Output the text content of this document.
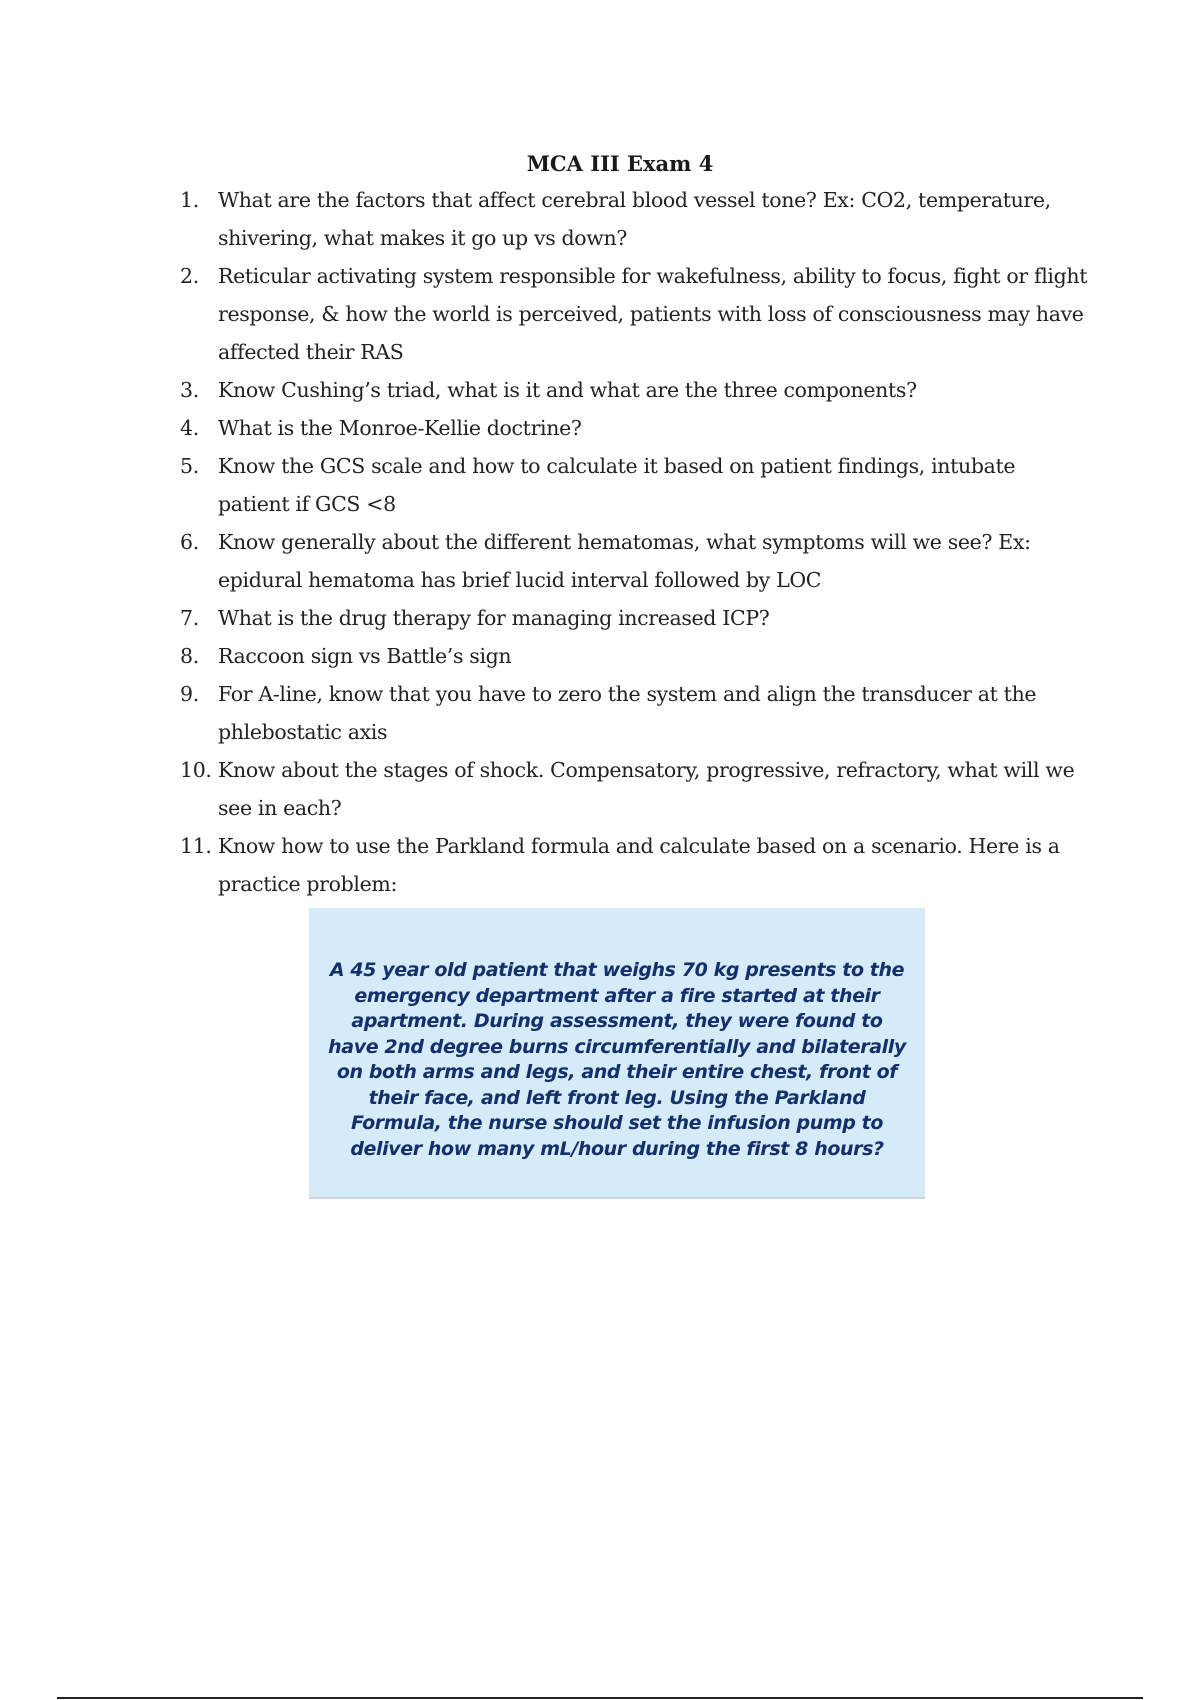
MCA III Exam 4
1. What are the factors that affect cerebral blood vessel tone? Ex: CO2, temperature, shivering, what makes it go up vs down?
2. Reticular activating system responsible for wakefulness, ability to focus, fight or flight response, & how the world is perceived, patients with loss of consciousness may have affected their RAS
3. Know Cushing’s triad, what is it and what are the three components?
4. What is the Monroe-Kellie doctrine?
5. Know the GCS scale and how to calculate it based on patient findings, intubate patient if GCS <8
6. Know generally about the different hematomas, what symptoms will we see? Ex: epidural hematoma has brief lucid interval followed by LOC
7. What is the drug therapy for managing increased ICP?
8. Raccoon sign vs Battle’s sign
9. For A-line, know that you have to zero the system and align the transducer at the phlebostatic axis
10. Know about the stages of shock. Compensatory, progressive, refractory, what will we see in each?
11. Know how to use the Parkland formula and calculate based on a scenario. Here is a practice problem:

A 45 year old patient that weighs 70 kg presents to the emergency department after a fire started at their apartment. During assessment, they were found to have 2nd degree burns circumferentially and bilaterally on both arms and legs, and their entire chest, front of their face, and left front leg. Using the Parkland Formula, the nurse should set the infusion pump to deliver how many mL/hour during the first 8 hours?
